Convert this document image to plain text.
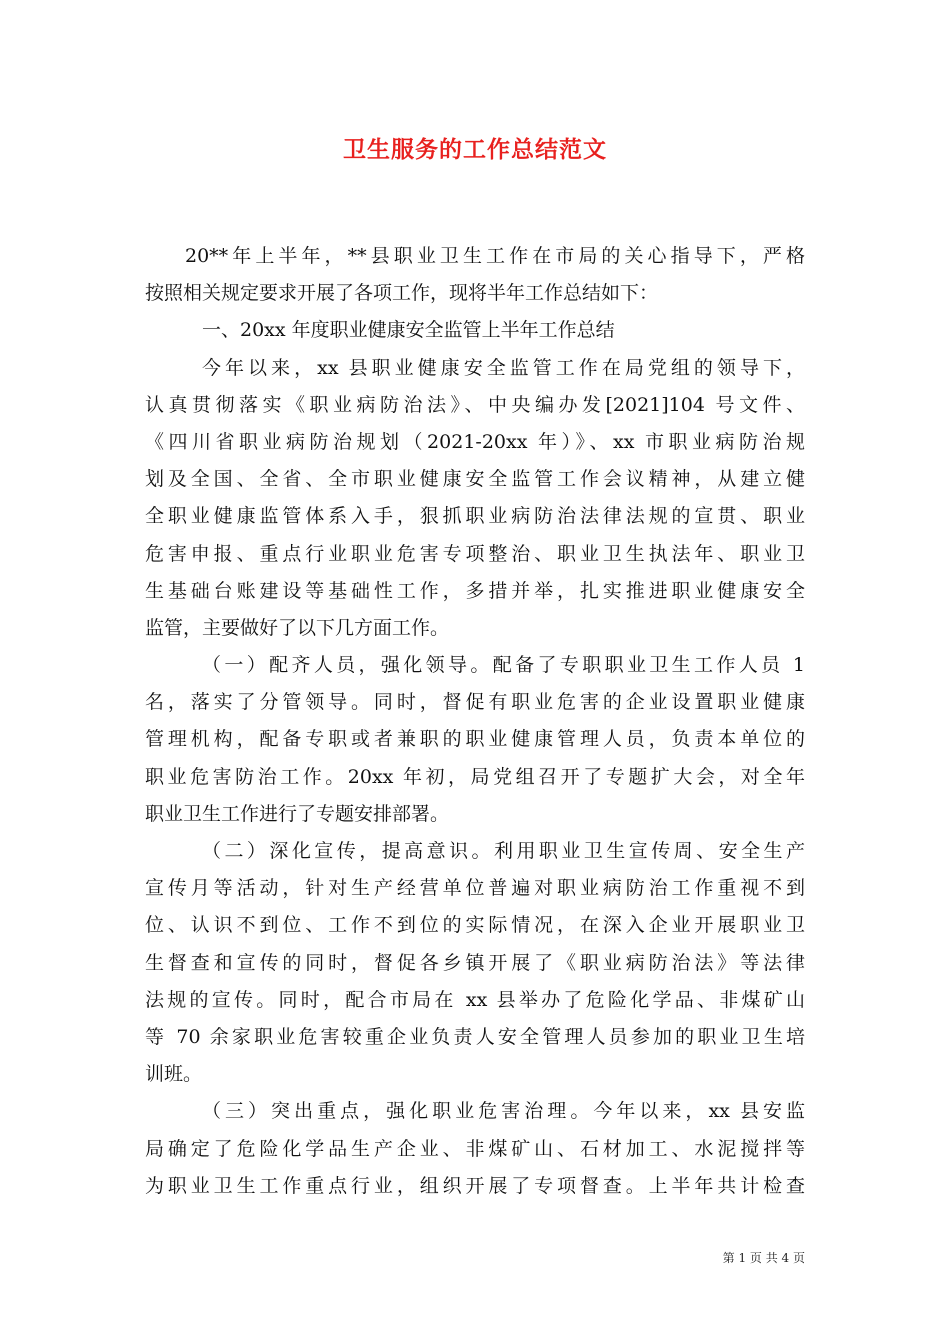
卫生服务的工作总结范文
20**年上半年，**县职业卫生工作在市局的关心指导下，严格
按照相关规定要求开展了各项工作，现将半年工作总结如下：
一、20xx 年度职业健康安全监管上半年工作总结
今年以来，xx 县职业健康安全监管工作在局党组的领导下，
认真贯彻落实《职业病防治法》、中央编办发[2021]104 号文件、
《四川省职业病防治规划（2021-20xx 年）》、xx 市职业病防治规
划及全国、全省、全市职业健康安全监管工作会议精神，从建立健
全职业健康监管体系入手，狠抓职业病防治法律法规的宣贯、职业
危害申报、重点行业职业危害专项整治、职业卫生执法年、职业卫
生基础台账建设等基础性工作，多措并举，扎实推进职业健康安全
监管，主要做好了以下几方面工作。
（一）配齐人员，强化领导。配备了专职职业卫生工作人员 1
名，落实了分管领导。同时，督促有职业危害的企业设置职业健康
管理机构，配备专职或者兼职的职业健康管理人员，负责本单位的
职业危害防治工作。20xx 年初，局党组召开了专题扩大会，对全年
职业卫生工作进行了专题安排部署。
（二）深化宣传，提高意识。利用职业卫生宣传周、安全生产
宣传月等活动，针对生产经营单位普遍对职业病防治工作重视不到
位、认识不到位、工作不到位的实际情况，在深入企业开展职业卫
生督查和宣传的同时，督促各乡镇开展了《职业病防治法》等法律
法规的宣传。同时，配合市局在 xx 县举办了危险化学品、非煤矿山
等 70 余家职业危害较重企业负责人安全管理人员参加的职业卫生培
训班。
（三）突出重点，强化职业危害治理。今年以来，xx 县安监
局确定了危险化学品生产企业、非煤矿山、石材加工、水泥搅拌等
为职业卫生工作重点行业，组织开展了专项督查。上半年共计检查
第 1 页 共 4 页
